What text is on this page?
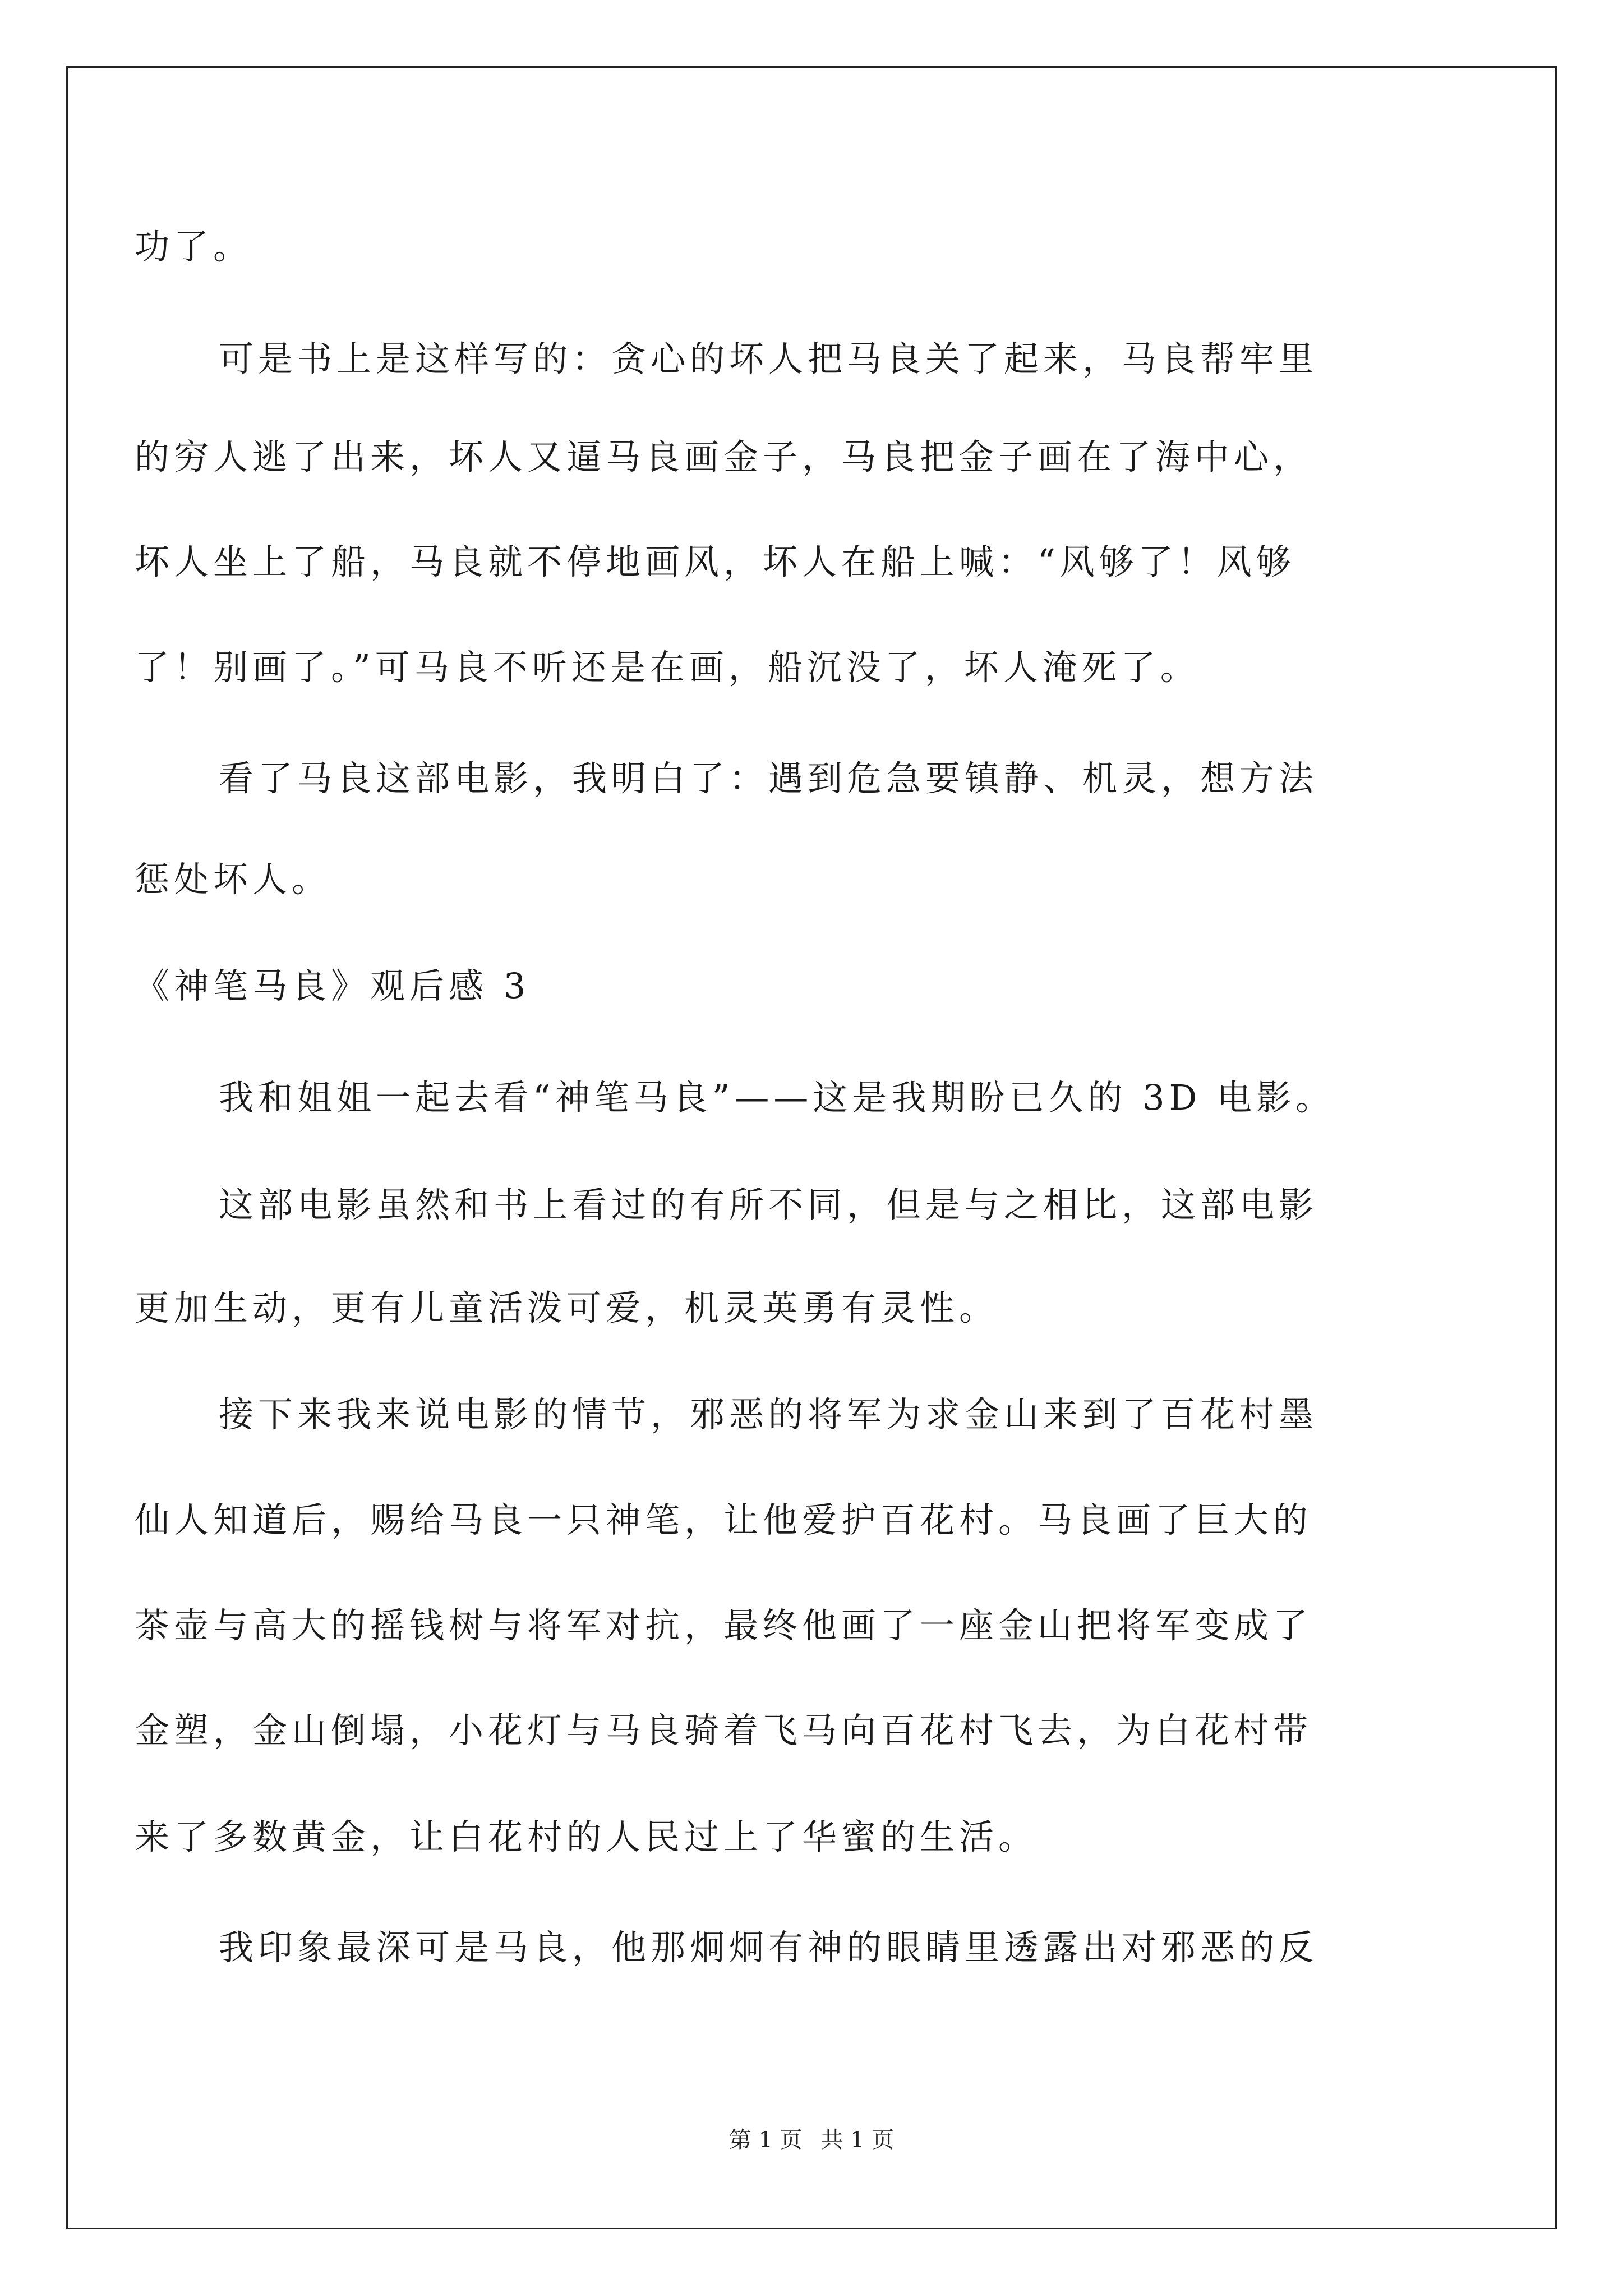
功了。
可是书上是这样写的：贪心的坏人把马良关了起来，马良帮牢里
的穷人逃了出来，坏人又逼马良画金子，马良把金子画在了海中心，
坏人坐上了船，马良就不停地画风，坏人在船上喊：“风够了！风够
了！别画了。”可马良不听还是在画，船沉没了，坏人淹死了。
看了马良这部电影，我明白了：遇到危急要镇静、机灵，想方法
惩处坏人。
《神笔马良》观后感 3
我和姐姐一起去看“神笔马良”——这是我期盼已久的 3D 电影。
这部电影虽然和书上看过的有所不同，但是与之相比，这部电影
更加生动，更有儿童活泼可爱，机灵英勇有灵性。
接下来我来说电影的情节，邪恶的将军为求金山来到了百花村墨
仙人知道后，赐给马良一只神笔，让他爱护百花村。马良画了巨大的
茶壶与高大的摇钱树与将军对抗，最终他画了一座金山把将军变成了
金塑，金山倒塌，小花灯与马良骑着飞马向百花村飞去，为白花村带
来了多数黄金，让白花村的人民过上了华蜜的生活。
我印象最深可是马良，他那炯炯有神的眼睛里透露出对邪恶的反
第 1 页 共 1 页
